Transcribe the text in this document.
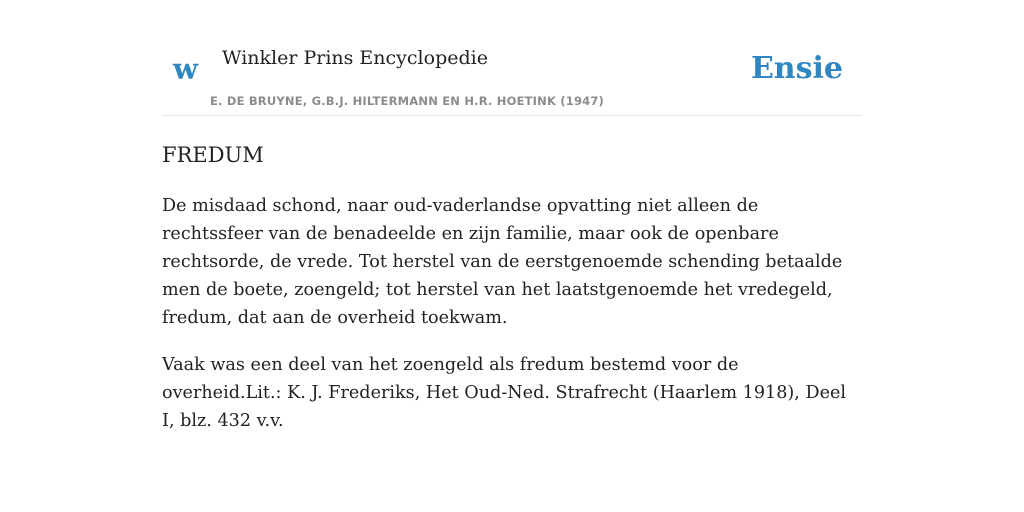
w Winkler Prins Encyclopedie
E. DE BRUYNE, G.B.J. HILTERMANN EN H.R. HOETINK (1947)
Ensie
FREDUM

De misdaad schond, naar oud-vaderlandse opvatting niet alleen de rechtssfeer van de benadeelde en zijn familie, maar ook de openbare rechtsorde, de vrede. Tot herstel van de eerstgenoemde schending betaalde men de boete, zoengeld; tot herstel van het laatstgenoemde het vredegeld, fredum, dat aan de overheid toekwam.

Vaak was een deel van het zoengeld als fredum bestemd voor de overheid.Lit.: K. J. Frederiks, Het Oud-Ned. Strafrecht (Haarlem 1918), Deel I, blz. 432 v.v.
